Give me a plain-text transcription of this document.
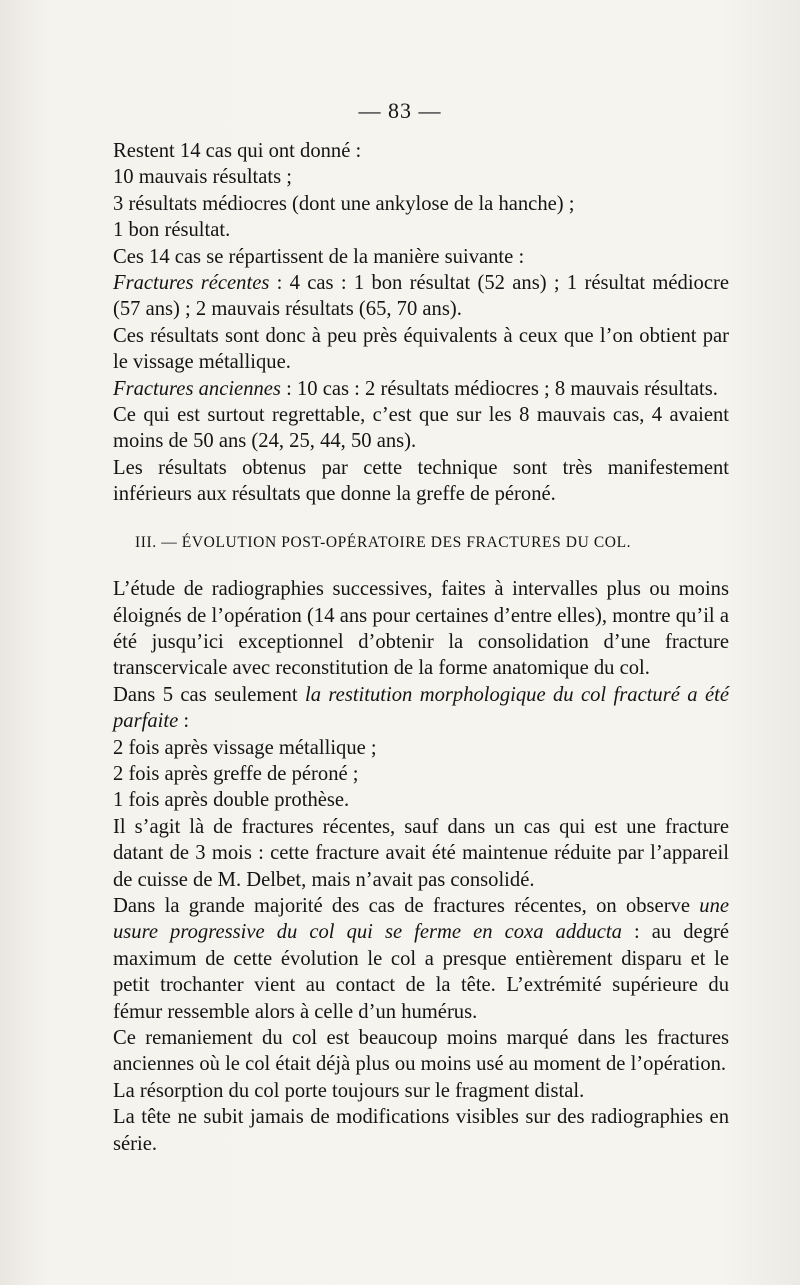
— 83 —

Restent 14 cas qui ont donné :

10 mauvais résultats ;

3 résultats médiocres (dont une ankylose de la hanche) ;

1 bon résultat.

Ces 14 cas se répartissent de la manière suivante :

Fractures récentes : 4 cas : 1 bon résultat (52 ans) ; 1 résultat médiocre (57 ans) ; 2 mauvais résultats (65, 70 ans).

Ces résultats sont donc à peu près équivalents à ceux que l’on obtient par le vissage métallique.

Fractures anciennes : 10 cas : 2 résultats médiocres ; 8 mauvais résultats.

Ce qui est surtout regrettable, c’est que sur les 8 mauvais cas, 4 avaient moins de 50 ans (24, 25, 44, 50 ans).

Les résultats obtenus par cette technique sont très manifestement inférieurs aux résultats que donne la greffe de péroné.

III. — ÉVOLUTION POST-OPÉRATOIRE DES FRACTURES DU COL.

L’étude de radiographies successives, faites à intervalles plus ou moins éloignés de l’opération (14 ans pour certaines d’entre elles), montre qu’il a été jusqu’ici exceptionnel d’obtenir la consolidation d’une fracture transcervicale avec reconstitution de la forme anatomique du col.

Dans 5 cas seulement la restitution morphologique du col fracturé a été parfaite :

2 fois après vissage métallique ;

2 fois après greffe de péroné ;

1 fois après double prothèse.

Il s’agit là de fractures récentes, sauf dans un cas qui est une fracture datant de 3 mois : cette fracture avait été maintenue réduite par l’appareil de cuisse de M. Delbet, mais n’avait pas consolidé.

Dans la grande majorité des cas de fractures récentes, on observe une usure progressive du col qui se ferme en coxa adducta : au degré maximum de cette évolution le col a presque entièrement disparu et le petit trochanter vient au contact de la tête. L’extrémité supérieure du fémur ressemble alors à celle d’un humérus.

Ce remaniement du col est beaucoup moins marqué dans les fractures anciennes où le col était déjà plus ou moins usé au moment de l’opération.

La résorption du col porte toujours sur le fragment distal.

La tête ne subit jamais de modifications visibles sur des radiographies en série.
